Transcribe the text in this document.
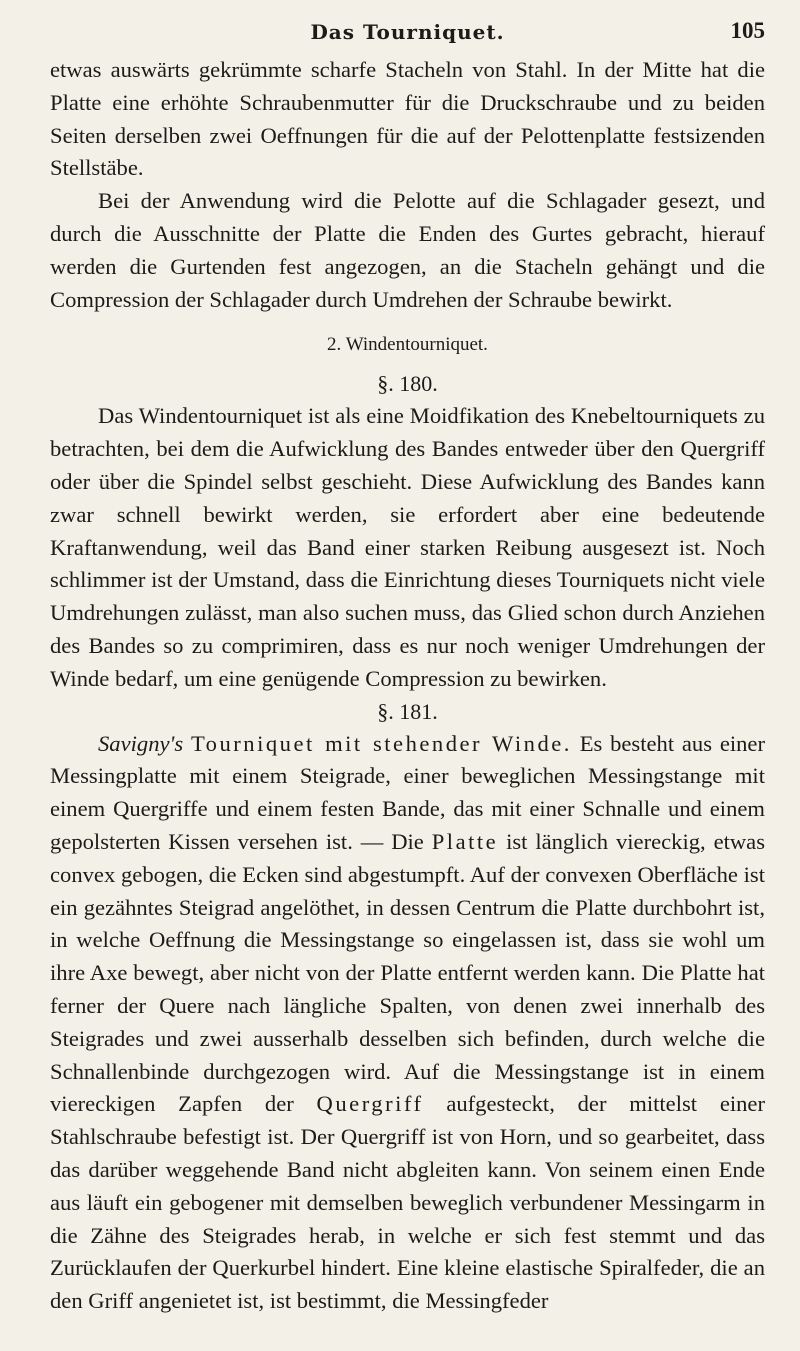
Das Tourniquet.	105

etwas auswärts gekrümmte scharfe Stacheln von Stahl. In der Mitte hat die Platte eine erhöhte Schraubenmutter für die Druckschraube und zu beiden Seiten derselben zwei Oeffnungen für die auf der Pelottenplatte festsizenden Stellstäbe.

Bei der Anwendung wird die Pelotte auf die Schlagader gesezt, und durch die Ausschnitte der Platte die Enden des Gurtes gebracht, hierauf werden die Gurtenden fest angezogen, an die Stacheln gehängt und die Compression der Schlagader durch Umdrehen der Schraube bewirkt.

2. Windentourniquet.
§. 180.

Das Windentourniquet ist als eine Moidfikation des Knebeltourniquets zu betrachten, bei dem die Aufwicklung des Bandes entweder über den Quergriff oder über die Spindel selbst geschieht. Diese Aufwicklung des Bandes kann zwar schnell bewirkt werden, sie erfordert aber eine bedeutende Kraftanwendung, weil das Band einer starken Reibung ausgesezt ist. Noch schlimmer ist der Umstand, dass die Einrichtung dieses Tourniquets nicht viele Umdrehungen zulässt, man also suchen muss, das Glied schon durch Anziehen des Bandes so zu comprimiren, dass es nur noch weniger Umdrehungen der Winde bedarf, um eine genügende Compression zu bewirken.

§. 181.

Savigny's Tourniquet mit stehender Winde. Es besteht aus einer Messingplatte mit einem Steigrade, einer beweglichen Messingstange mit einem Quergriffe und einem festen Bande, das mit einer Schnalle und einem gepolsterten Kissen versehen ist. — Die Platte ist länglich viereckig, etwas convex gebogen, die Ecken sind abgestumpft. Auf der convexen Oberfläche ist ein gezähntes Steigrad angelöthet, in dessen Centrum die Platte durchbohrt ist, in welche Oeffnung die Messingstange so eingelassen ist, dass sie wohl um ihre Axe bewegt, aber nicht von der Platte entfernt werden kann. Die Platte hat ferner der Quere nach längliche Spalten, von denen zwei innerhalb des Steigrades und zwei ausserhalb desselben sich befinden, durch welche die Schnallenbinde durchgezogen wird. Auf die Messingstange ist in einem viereckigen Zapfen der Quergriff aufgesteckt, der mittelst einer Stahlschraube befestigt ist. Der Quergriff ist von Horn, und so gearbeitet, dass das darüber weggehende Band nicht abgleiten kann. Von seinem einen Ende aus läuft ein gebogener mit demselben beweglich verbundener Messingarm in die Zähne des Steigrades herab, in welche er sich fest stemmt und das Zurücklaufen der Querkurbel hindert. Eine kleine elastische Spiralfeder, die an den Griff angenietet ist, ist bestimmt, die Messingfeder
